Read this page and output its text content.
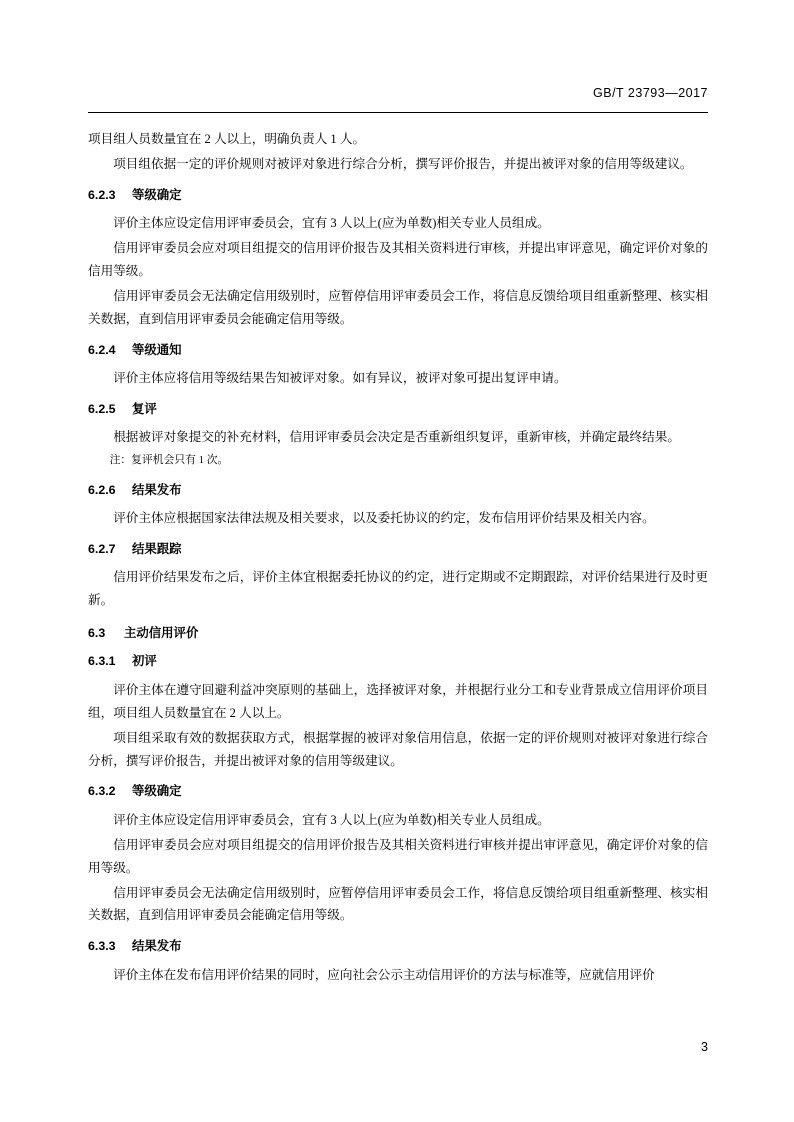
GB/T 23793—2017

项目组人员数量宜在 2 人以上，明确负责人 1 人。

项目组依据一定的评价规则对被评对象进行综合分析，撰写评价报告，并提出被评对象的信用等级建议。

6.2.3 等级确定

评价主体应设定信用评审委员会，宜有 3 人以上(应为单数)相关专业人员组成。

信用评审委员会应对项目组提交的信用评价报告及其相关资料进行审核，并提出审评意见，确定评价对象的信用等级。

信用评审委员会无法确定信用级别时，应暂停信用评审委员会工作，将信息反馈给项目组重新整理、核实相关数据，直到信用评审委员会能确定信用等级。

6.2.4 等级通知

评价主体应将信用等级结果告知被评对象。如有异议，被评对象可提出复评申请。

6.2.5 复评

根据被评对象提交的补充材料，信用评审委员会决定是否重新组织复评，重新审核，并确定最终结果。

注：复评机会只有 1 次。

6.2.6 结果发布

评价主体应根据国家法律法规及相关要求，以及委托协议的约定，发布信用评价结果及相关内容。

6.2.7 结果跟踪

信用评价结果发布之后，评价主体宜根据委托协议的约定，进行定期或不定期跟踪，对评价结果进行及时更新。

6.3 主动信用评价
6.3.1 初评

评价主体在遵守回避利益冲突原则的基础上，选择被评对象，并根据行业分工和专业背景成立信用评价项目组，项目组人员数量宜在 2 人以上。

项目组采取有效的数据获取方式，根据掌握的被评对象信用信息，依据一定的评价规则对被评对象进行综合分析，撰写评价报告，并提出被评对象的信用等级建议。

6.3.2 等级确定

评价主体应设定信用评审委员会，宜有 3 人以上(应为单数)相关专业人员组成。

信用评审委员会应对项目组提交的信用评价报告及其相关资料进行审核并提出审评意见，确定评价对象的信用等级。

信用评审委员会无法确定信用级别时，应暂停信用评审委员会工作，将信息反馈给项目组重新整理、核实相关数据，直到信用评审委员会能确定信用等级。

6.3.3 结果发布

评价主体在发布信用评价结果的同时，应向社会公示主动信用评价的方法与标准等，应就信用评价

3
